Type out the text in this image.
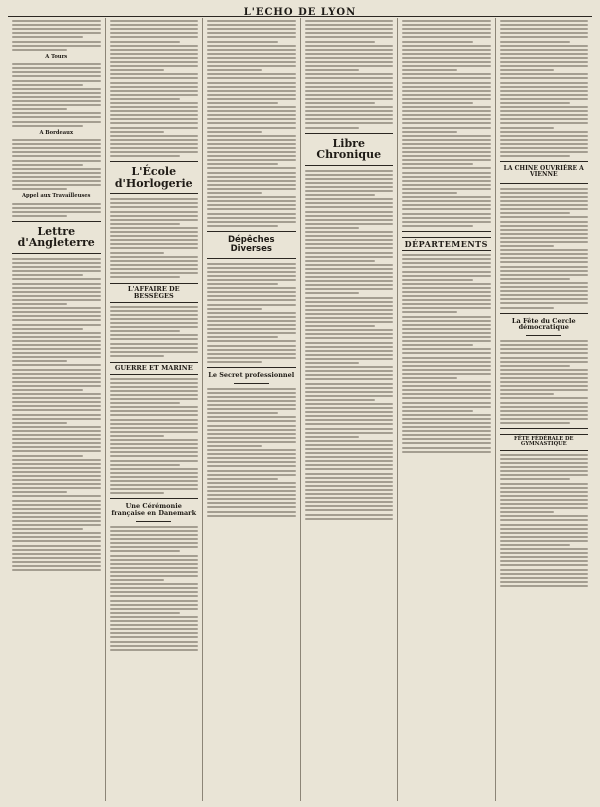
L'ECHO DE LYON
A Tours
A Bordeaux
Appel aux Travailleuses
Lettre d'Angleterre
L'École d'Horlogerie
L'AFFAIRE DE BESSÈGES
GUERRE ET MARINE
Une Cérémonie française en Danemark
Dépêches Diverses
Le Secret professionnel
Libre Chronique
DÉPARTEMENTS
LA CHINE OUVRIÈRE A VIENNE
La Fête du Cercle démocratique
FÊTE FÉDÉRALE DE GYMNASTIQUE
